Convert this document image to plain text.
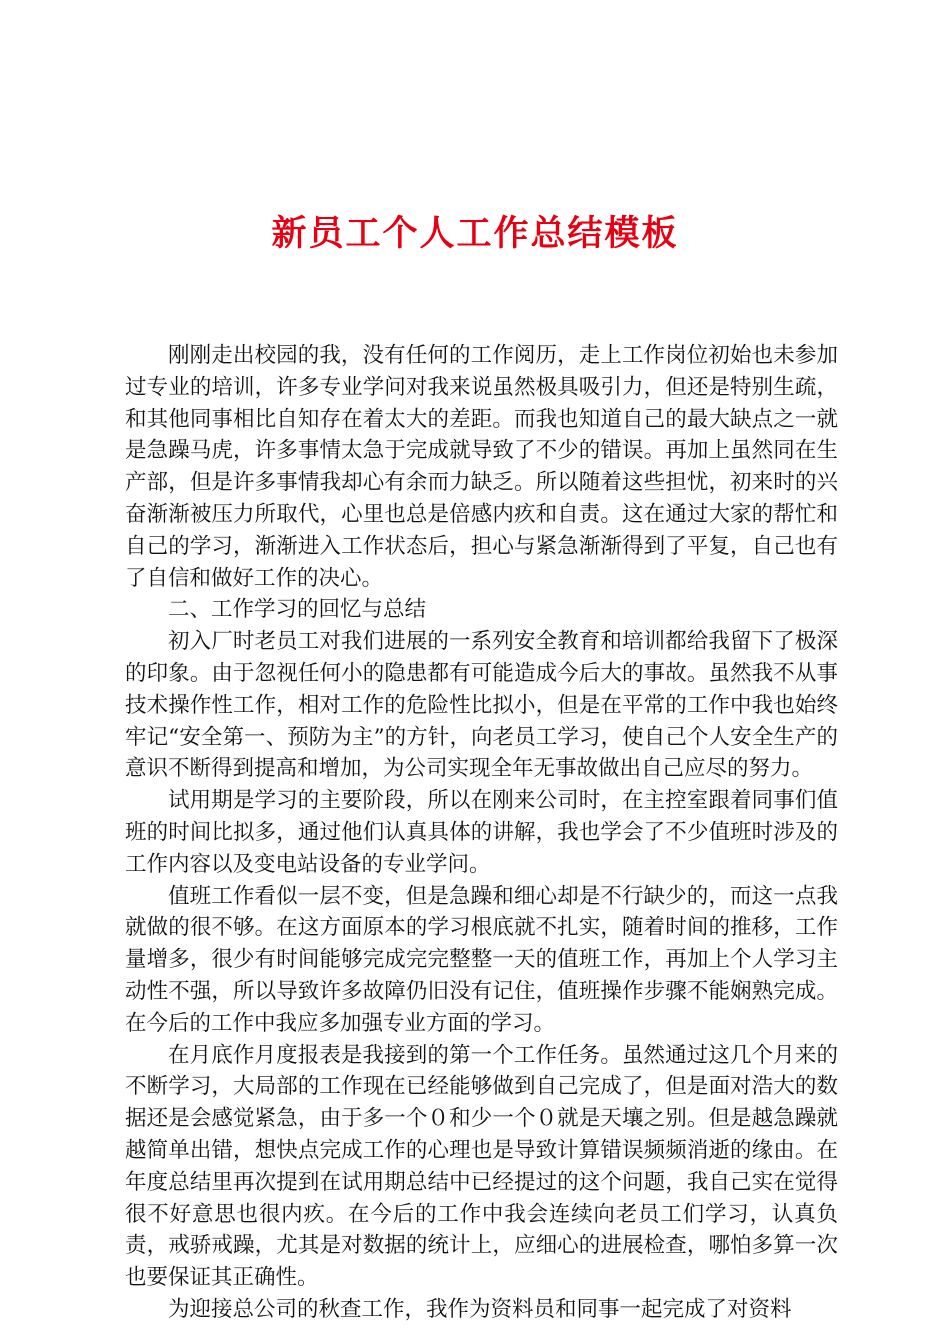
新员工个人工作总结模板

刚刚走出校园的我，没有任何的工作阅历，走上工作岗位初始也未参加过专业的培训，许多专业学问对我来说虽然极具吸引力，但还是特别生疏，和其他同事相比自知存在着太大的差距。而我也知道自己的最大缺点之一就是急躁马虎，许多事情太急于完成就导致了不少的错误。再加上虽然同在生产部，但是许多事情我却心有余而力缺乏。所以随着这些担忧，初来时的兴奋渐渐被压力所取代，心里也总是倍感内疚和自责。这在通过大家的帮忙和自己的学习，渐渐进入工作状态后，担心与紧急渐渐得到了平复，自己也有了自信和做好工作的决心。

二、工作学习的回忆与总结

初入厂时老员工对我们进展的一系列安全教育和培训都给我留下了极深的印象。由于忽视任何小的隐患都有可能造成今后大的事故。虽然我不从事技术操作性工作，相对工作的危险性比拟小，但是在平常的工作中我也始终牢记“安全第一、预防为主”的方针，向老员工学习，使自己个人安全生产的意识不断得到提高和增加，为公司实现全年无事故做出自己应尽的努力。

试用期是学习的主要阶段，所以在刚来公司时，在主控室跟着同事们值班的时间比拟多，通过他们认真具体的讲解，我也学会了不少值班时涉及的工作内容以及变电站设备的专业学问。

值班工作看似一层不变，但是急躁和细心却是不行缺少的，而这一点我就做的很不够。在这方面原本的学习根底就不扎实，随着时间的推移，工作量增多，很少有时间能够完成完完整整一天的值班工作，再加上个人学习主动性不强，所以导致许多故障仍旧没有记住，值班操作步骤不能娴熟完成。在今后的工作中我应多加强专业方面的学习。

在月底作月度报表是我接到的第一个工作任务。虽然通过这几个月来的不断学习，大局部的工作现在已经能够做到自己完成了，但是面对浩大的数据还是会感觉紧急，由于多一个０和少一个０就是天壤之别。但是越急躁就越简单出错，想快点完成工作的心理也是导致计算错误频频消逝的缘由。在年度总结里再次提到在试用期总结中已经提过的这个问题，我自己实在觉得很不好意思也很内疚。在今后的工作中我会连续向老员工们学习，认真负责，戒骄戒躁，尤其是对数据的统计上，应细心的进展检查，哪怕多算一次也要保证其正确性。

为迎接总公司的秋查工作，我作为资料员和同事一起完成了对资料
